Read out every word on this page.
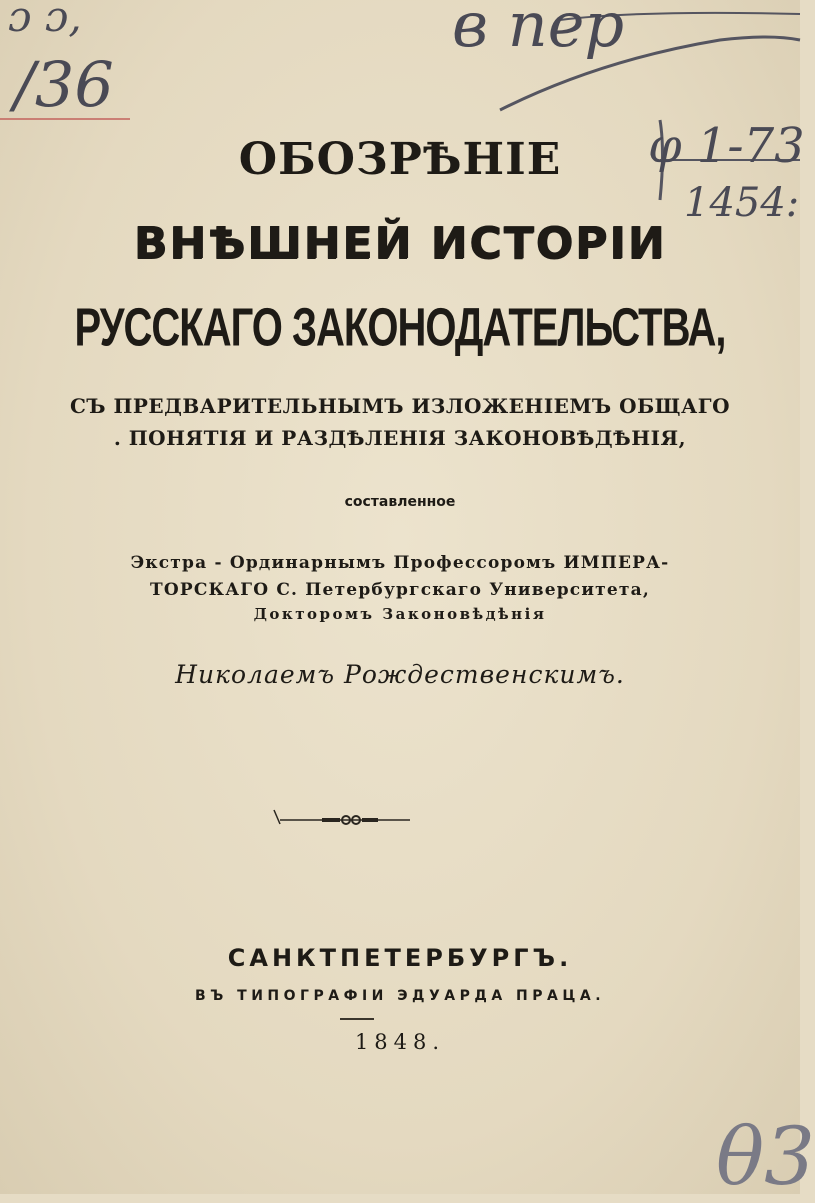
ɔ ɔ,
/36
в пер
φ 1-73
1454:
θ3
ОБОЗРѢНІЕ
ВНѢШНЕЙ ИСТОРІИ
РУССКАГО ЗАКОНОДАТЕЛЬСТВА,
СЪ ПРЕДВАРИТЕЛЬНЫМЪ ИЗЛОЖЕНІЕМЪ ОБЩАГО
. ПОНЯТІЯ И РАЗДѢЛЕНІЯ ЗАКОНОВѢДѢНІЯ,
составленное
Экстра - Ординарнымъ Профессоромъ ИМПЕРА-
ТОРСКАГО С. Петербургскаго Университета,
Докторомъ Законовѣдѣнія
Николаемъ Рождественскимъ.
САНКТПЕТЕРБУРГЪ.
ВЪ ТИПОГРАФІИ ЭДУАРДА ПРАЦА.
1848.
